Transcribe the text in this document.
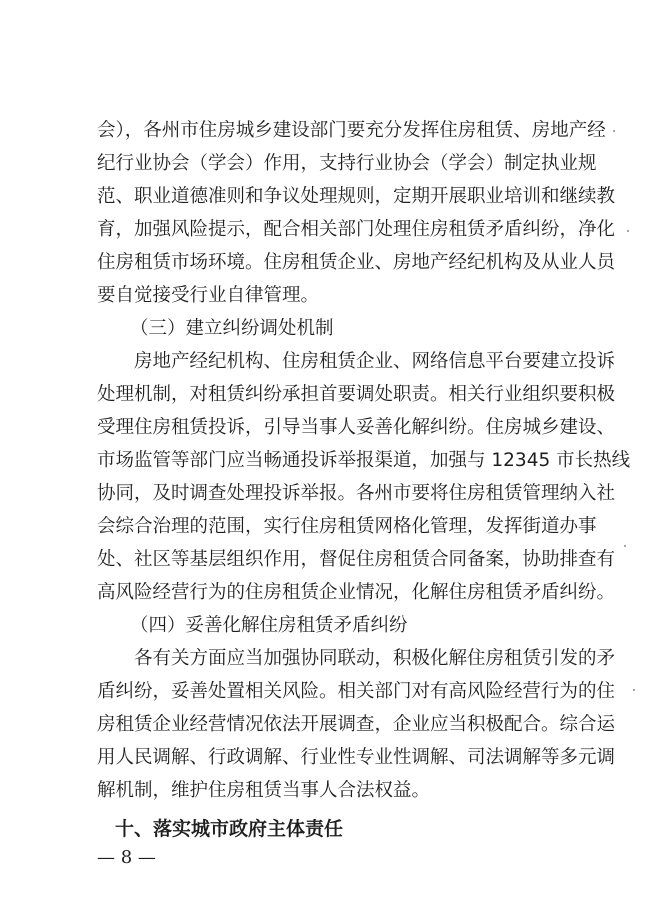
会），各州市住房城乡建设部门要充分发挥住房租赁、房地产经
纪行业协会（学会）作用，支持行业协会（学会）制定执业规
范、职业道德准则和争议处理规则，定期开展职业培训和继续教
育，加强风险提示，配合相关部门处理住房租赁矛盾纠纷，净化
住房租赁市场环境。住房租赁企业、房地产经纪机构及从业人员
要自觉接受行业自律管理。
（三）建立纠纷调处机制
房地产经纪机构、住房租赁企业、网络信息平台要建立投诉
处理机制，对租赁纠纷承担首要调处职责。相关行业组织要积极
受理住房租赁投诉，引导当事人妥善化解纠纷。住房城乡建设、
市场监管等部门应当畅通投诉举报渠道，加强与 12345 市长热线
协同，及时调查处理投诉举报。各州市要将住房租赁管理纳入社
会综合治理的范围，实行住房租赁网格化管理，发挥街道办事
处、社区等基层组织作用，督促住房租赁合同备案，协助排查有
高风险经营行为的住房租赁企业情况，化解住房租赁矛盾纠纷。
（四）妥善化解住房租赁矛盾纠纷
各有关方面应当加强协同联动，积极化解住房租赁引发的矛
盾纠纷，妥善处置相关风险。相关部门对有高风险经营行为的住
房租赁企业经营情况依法开展调查，企业应当积极配合。综合运
用人民调解、行政调解、行业性专业性调解、司法调解等多元调
解机制，维护住房租赁当事人合法权益。
十、落实城市政府主体责任
— 8 —
